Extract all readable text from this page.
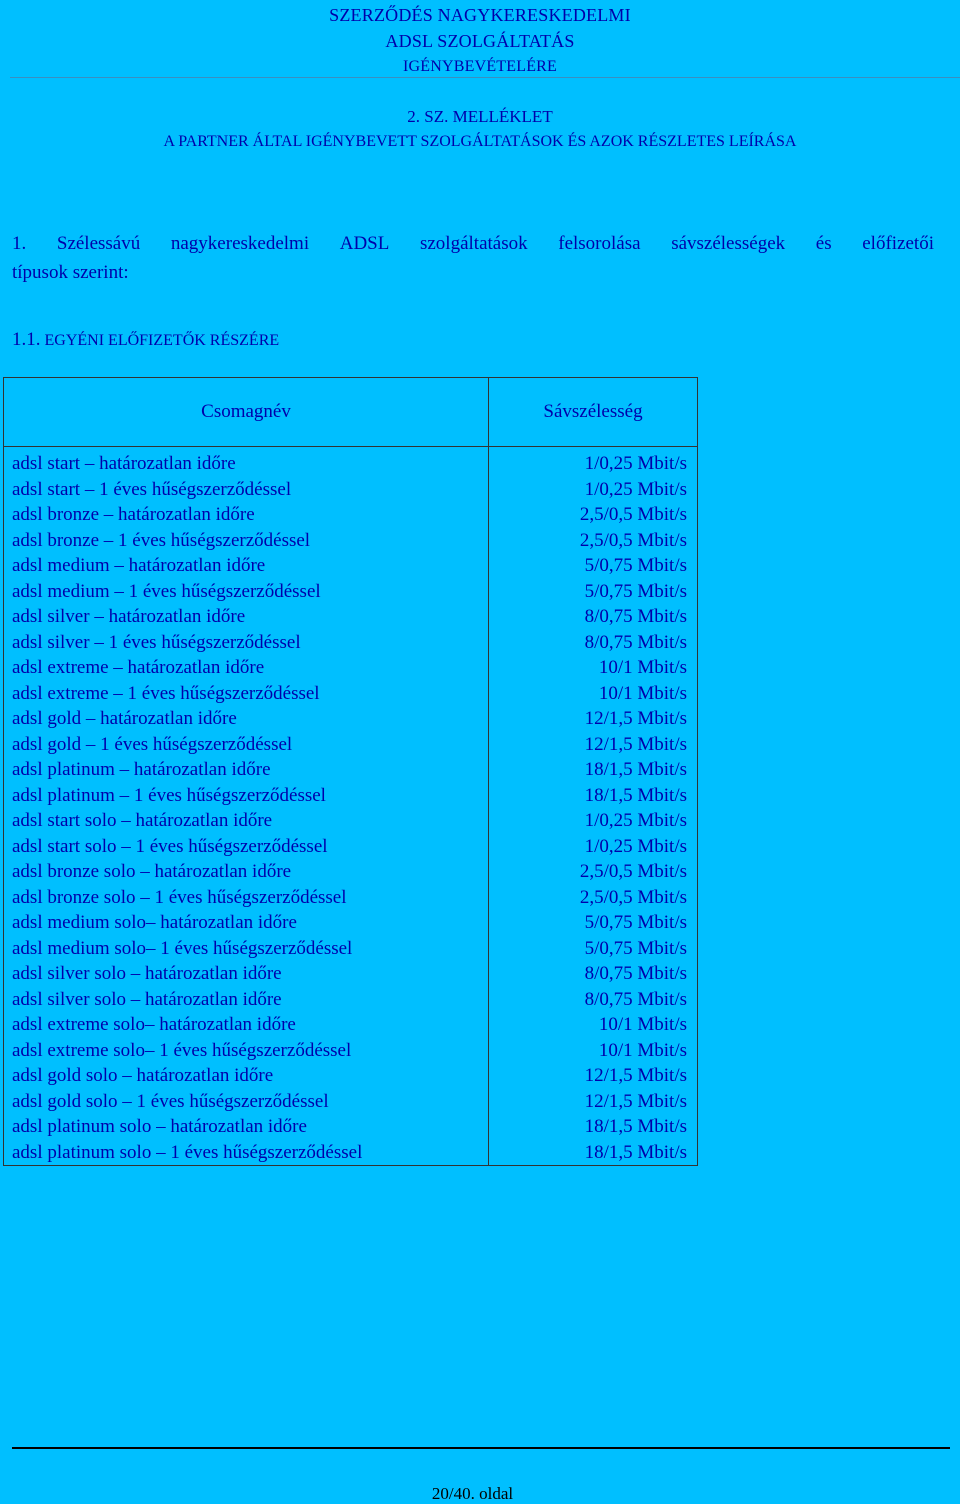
SZERZŐDÉS NAGYKERESKEDELMI
ADSL SZOLGÁLTATÁS
IGÉNYBEVÉTELÉRE
2. SZ. MELLÉKLET
A PARTNER ÁLTAL IGÉNYBEVETT SZOLGÁLTATÁSOK ÉS AZOK RÉSZLETES LEÍRÁSA
1. Szélessávú nagykereskedelmi ADSL szolgáltatások felsorolása sávszélességek és előfizetői
típusok szerint:
1.1. EGYÉNI ELŐFIZETŐK RÉSZÉRE
Csomagnév	Sávszélesség
adsl start – határozatlan időre	1/0,25 Mbit/s
adsl start – 1 éves hűségszerződéssel	1/0,25 Mbit/s
adsl bronze – határozatlan időre	2,5/0,5 Mbit/s
adsl bronze – 1 éves hűségszerződéssel	2,5/0,5 Mbit/s
adsl medium – határozatlan időre	5/0,75 Mbit/s
adsl medium – 1 éves hűségszerződéssel	5/0,75 Mbit/s
adsl silver – határozatlan időre	8/0,75 Mbit/s
adsl silver – 1 éves hűségszerződéssel	8/0,75 Mbit/s
adsl extreme – határozatlan időre	10/1 Mbit/s
adsl extreme – 1 éves hűségszerződéssel	10/1 Mbit/s
adsl gold – határozatlan időre	12/1,5 Mbit/s
adsl gold – 1 éves hűségszerződéssel	12/1,5 Mbit/s
adsl platinum – határozatlan időre	18/1,5 Mbit/s
adsl platinum – 1 éves hűségszerződéssel	18/1,5 Mbit/s
adsl start solo – határozatlan időre	1/0,25 Mbit/s
adsl start solo – 1 éves hűségszerződéssel	1/0,25 Mbit/s
adsl bronze solo – határozatlan időre	2,5/0,5 Mbit/s
adsl bronze solo – 1 éves hűségszerződéssel	2,5/0,5 Mbit/s
adsl medium solo– határozatlan időre	5/0,75 Mbit/s
adsl medium solo– 1 éves hűségszerződéssel	5/0,75 Mbit/s
adsl silver solo – határozatlan időre	8/0,75 Mbit/s
adsl silver solo – határozatlan időre	8/0,75 Mbit/s
adsl extreme solo– határozatlan időre	10/1 Mbit/s
adsl extreme solo– 1 éves hűségszerződéssel	10/1 Mbit/s
adsl gold solo – határozatlan időre	12/1,5 Mbit/s
adsl gold solo – 1 éves hűségszerződéssel	12/1,5 Mbit/s
adsl platinum solo – határozatlan időre	18/1,5 Mbit/s
adsl platinum solo – 1 éves hűségszerződéssel	18/1,5 Mbit/s
20/40. oldal
